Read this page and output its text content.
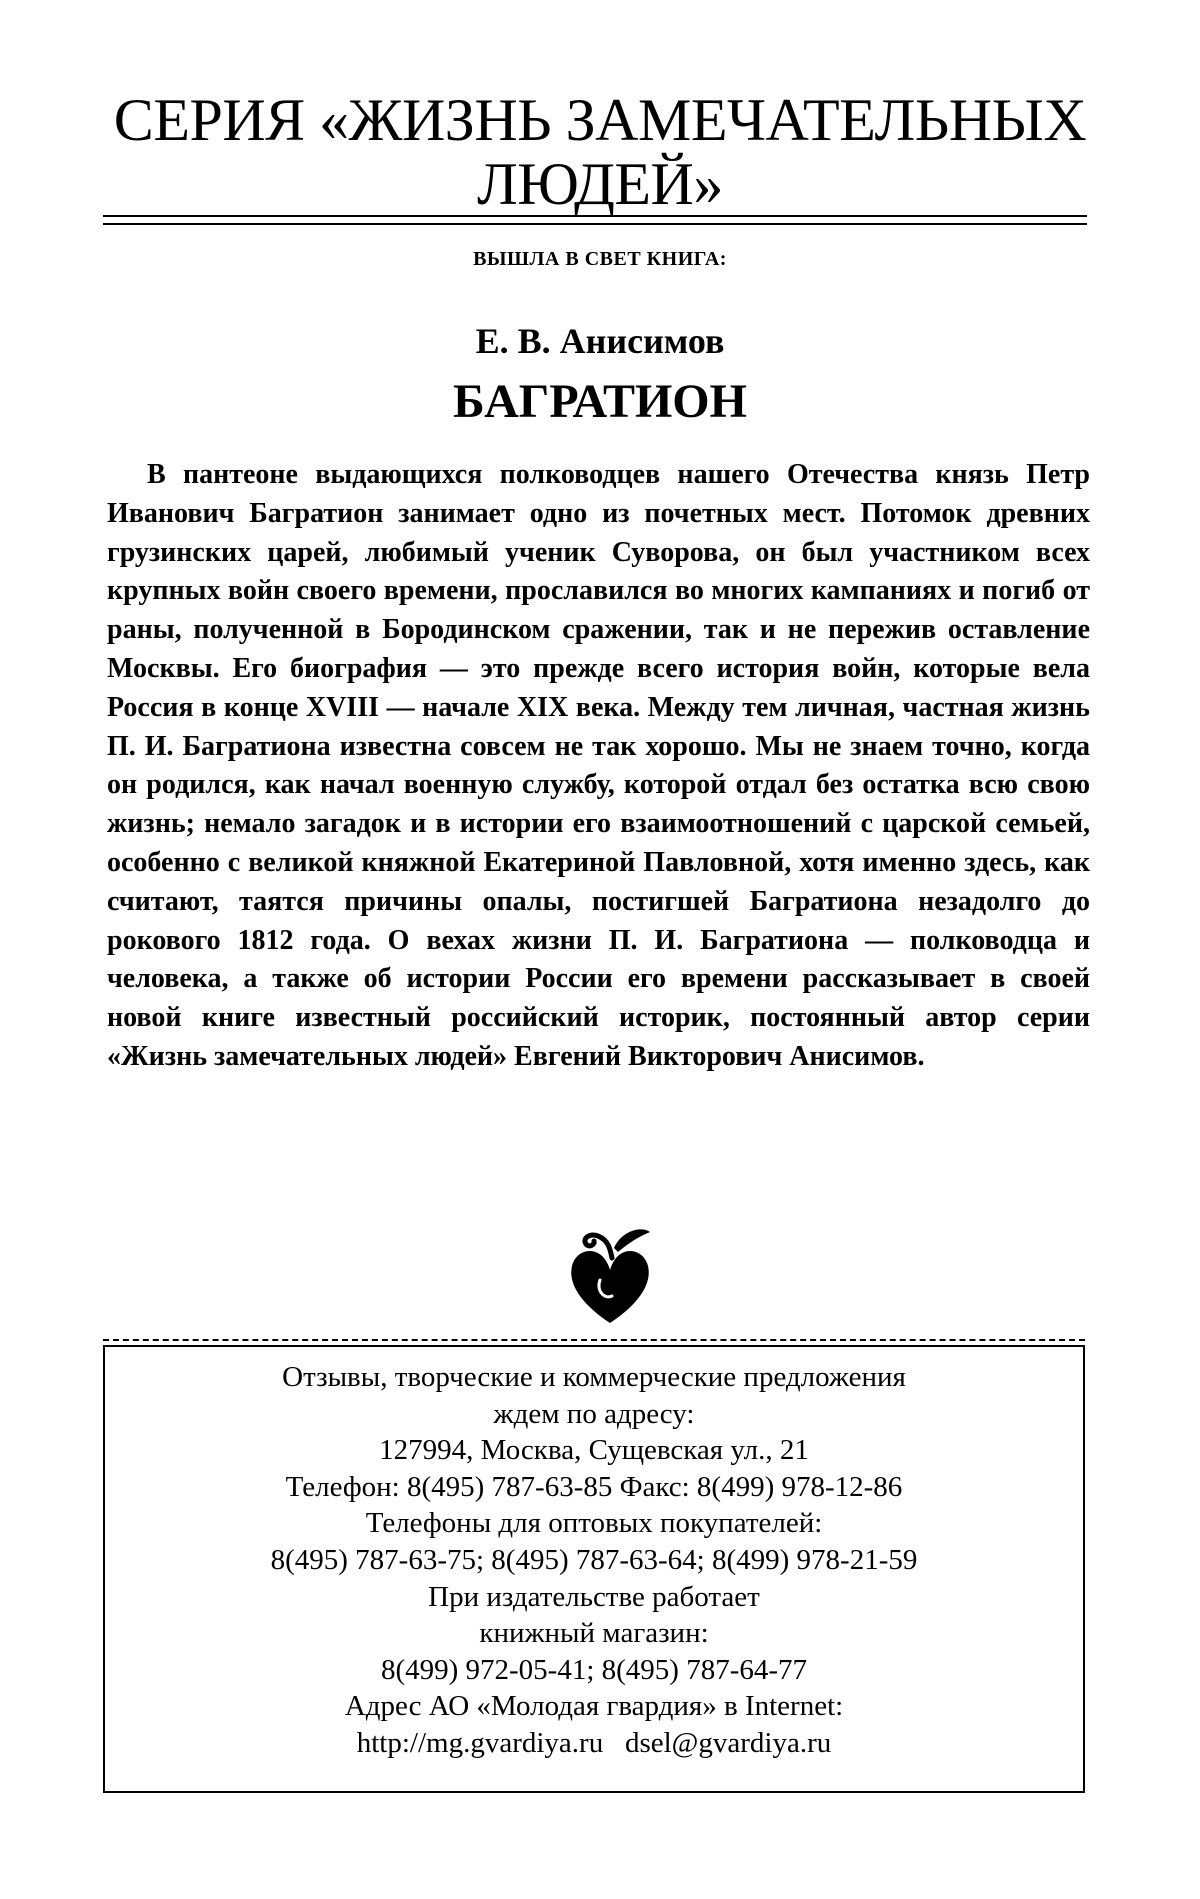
СЕРИЯ «ЖИЗНЬ ЗАМЕЧАТЕЛЬНЫХ
ЛЮДЕЙ»
ВЫШЛА В СВЕТ КНИГА:
Е. В. Анисимов
БАГРАТИОН

В пантеоне выдающихся полководцев нашего Отечества князь Петр Иванович Багратион занимает одно из почетных мест. Потомок древних грузинских царей, любимый ученик Суворова, он был участником всех крупных войн своего времени, прославился во многих кампаниях и погиб от раны, полученной в Бородинском сражении, так и не пережив оставление Москвы. Его биография — это прежде всего история войн, которые вела Россия в конце XVIII — начале XIX века. Между тем личная, частная жизнь П. И. Багратиона известна совсем не так хорошо. Мы не знаем точно, когда он родился, как начал военную службу, которой отдал без остатка всю свою жизнь; немало загадок и в истории его взаимоотношений с царской семьей, особенно с великой княжной Екатериной Павловной, хотя именно здесь, как считают, таятся причины опалы, постигшей Багратиона незадолго до рокового 1812 года. О вехах жизни П. И. Багратиона — полководца и человека, а также об истории России его времени рассказывает в своей новой книге известный российский историк, постоянный автор серии «Жизнь замечательных людей» Евгений Викторович Анисимов.

Отзывы, творческие и коммерческие предложения
ждем по адресу:
127994, Москва, Сущевская ул., 21
Телефон: 8(495) 787-63-85 Факс: 8(499) 978-12-86
Телефоны для оптовых покупателей:
8(495) 787-63-75; 8(495) 787-63-64; 8(499) 978-21-59
При издательстве работает
книжный магазин:
8(499) 972-05-41; 8(495) 787-64-77
Адрес АО «Молодая гвардия» в Internet:
http://mg.gvardiya.ru   dsel@gvardiya.ru
